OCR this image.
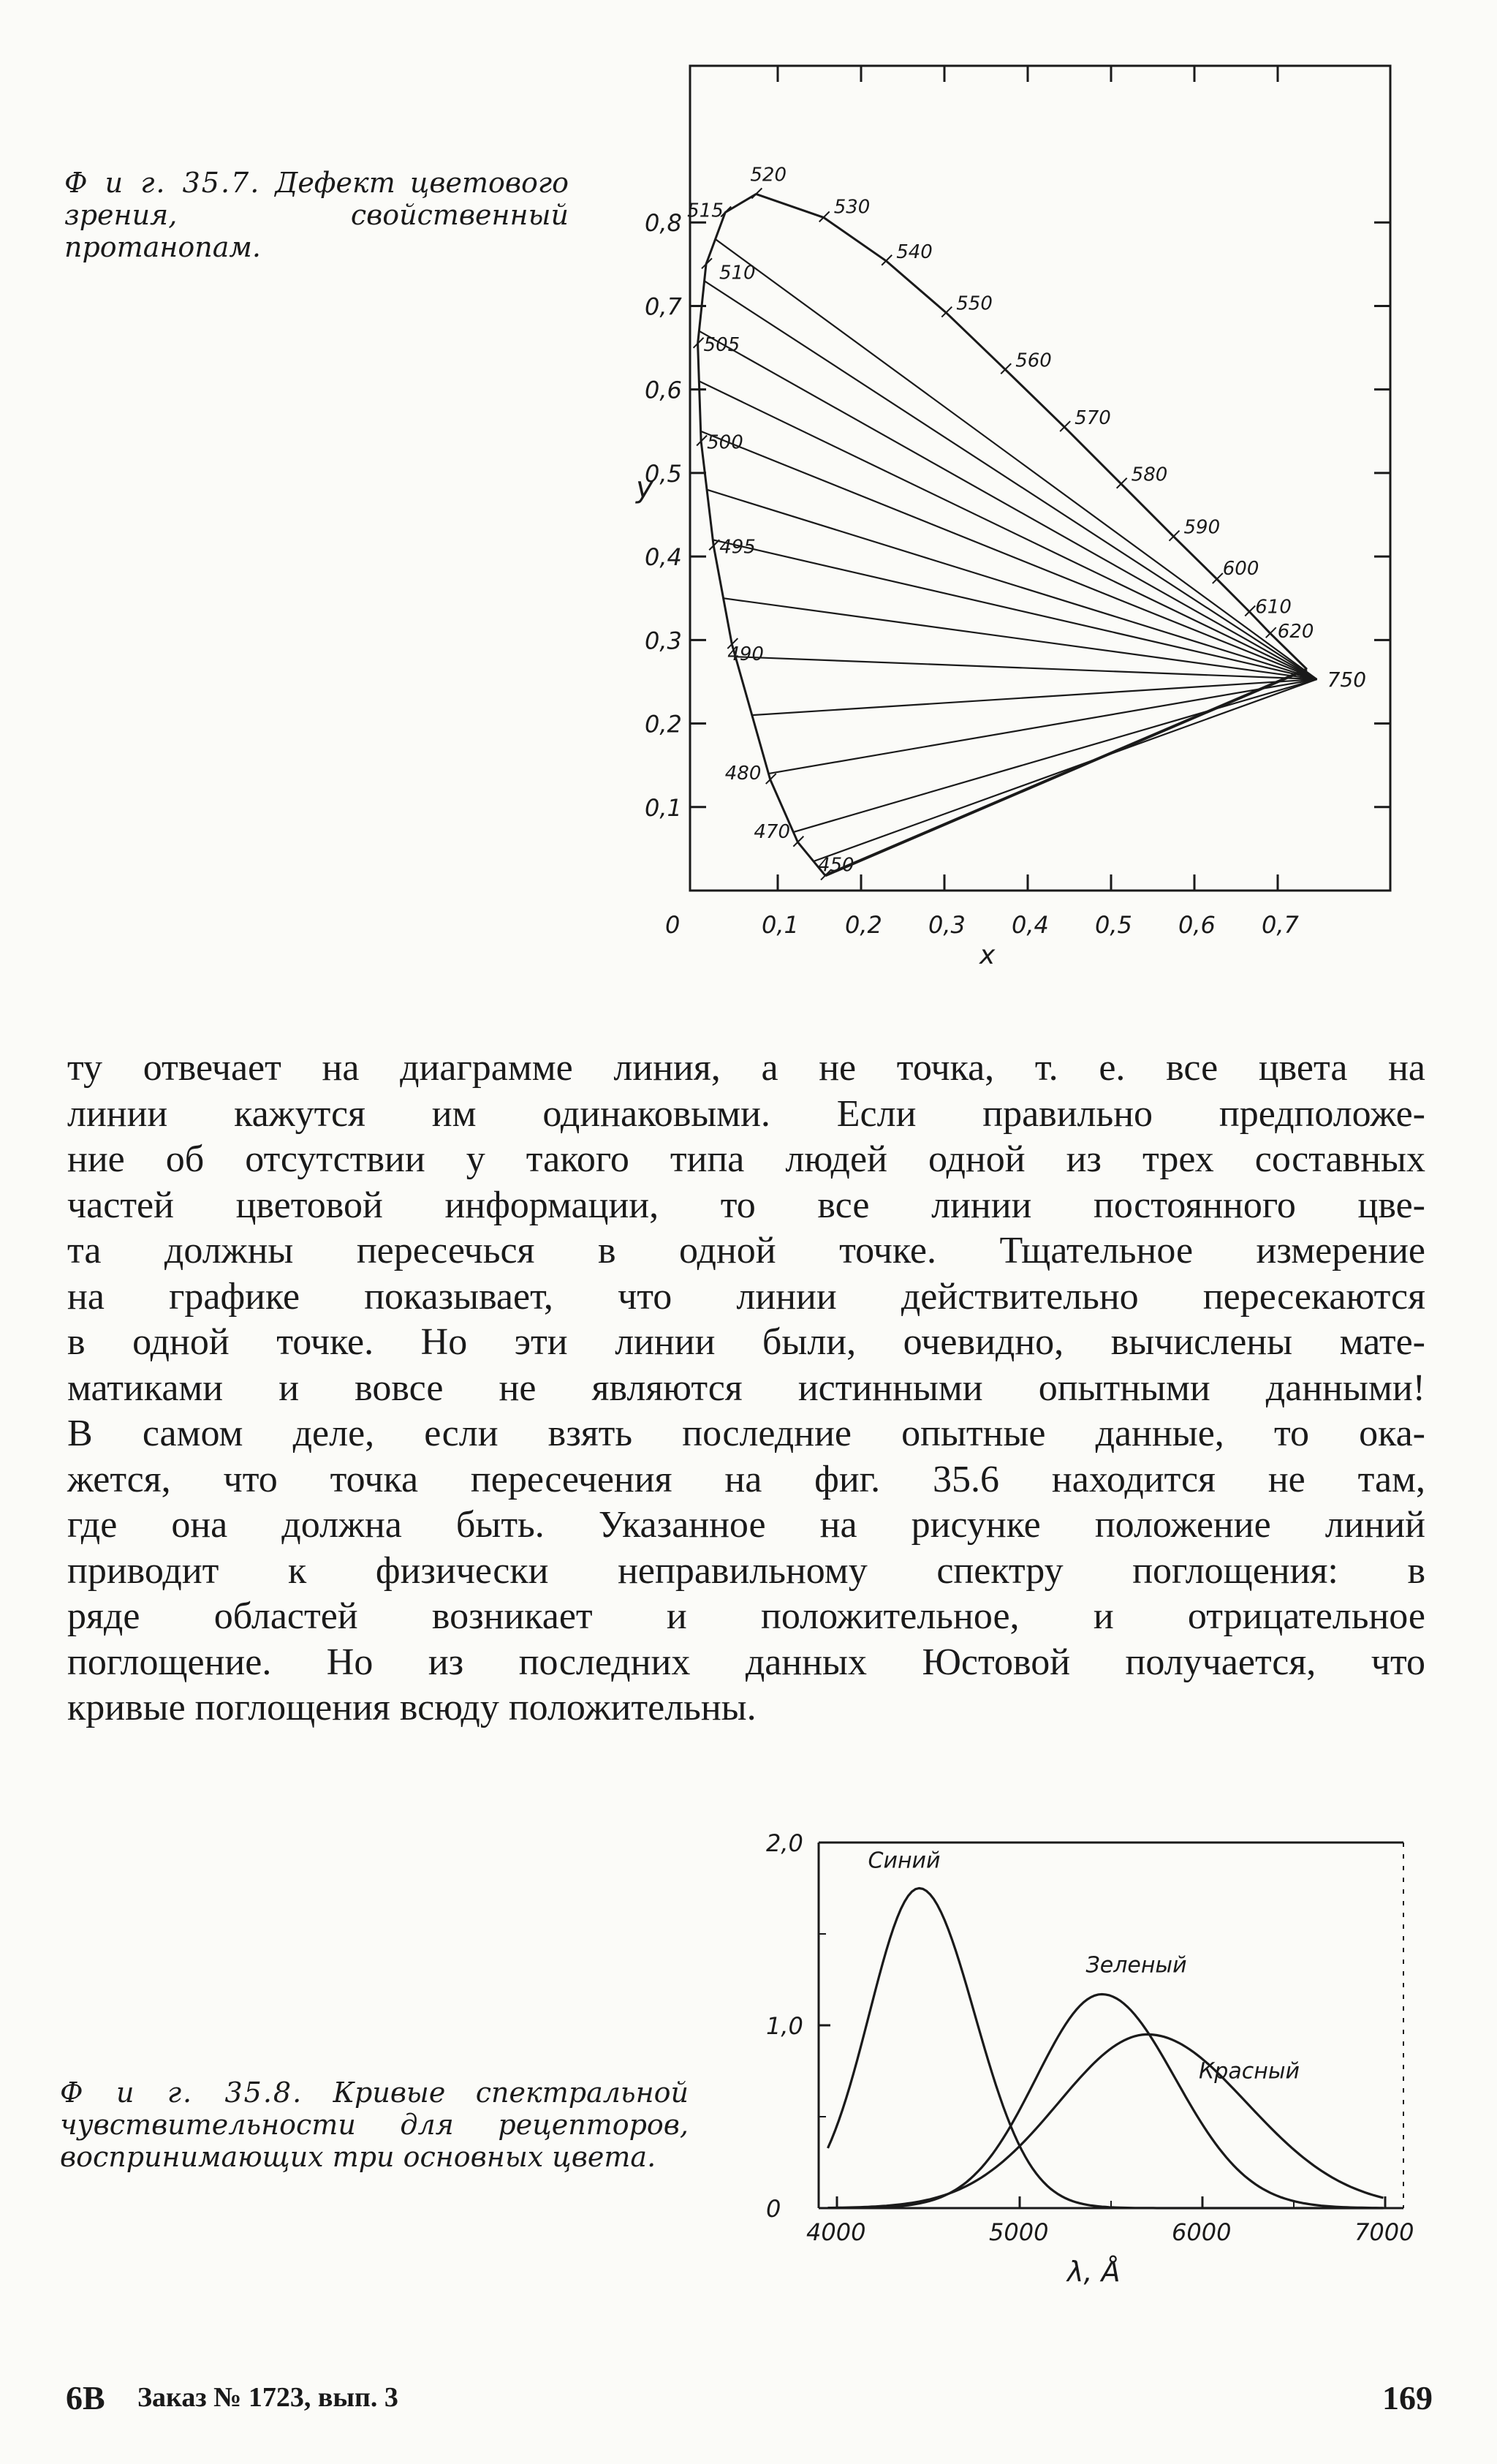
Ф и г. 35.7. Дефект цветового зрения, свойственный протанопам.
0,1 0,2 0,3 0,4 0,5 0,6 0,7
0,1
0,2
0,3
0,4
0,5
0,6
0,7
0,8
0
x
y
450
470
480
490
495
500
505
510
515
520
530
540
550
560
570
580
590
600
610
620
750

ту отвечает на диаграмме линия, а не точка, т. е. все цвета на

линии кажутся им одинаковыми. Если правильно предположе-

ние об отсутствии у такого типа людей одной из трех составных

частей цветовой информации, то все линии постоянного цве-

та должны пересечься в одной точке. Тщательное измерение

на графике показывает, что линии действительно пересекаются

в одной точке. Но эти линии были, очевидно, вычислены мате-

матиками и вовсе не являются истинными опытными данными!

В самом деле, если взять последние опытные данные, то ока-

жется, что точка пересечения на фиг. 35.6 находится не там,

где она должна быть. Указанное на рисунке положение линий

приводит к физически неправильному спектру поглощения: в

ряде областей возникает и положительное, и отрицательное

поглощение. Но из последних данных Юстовой получается, что

кривые поглощения всюду положительны.

Ф и г. 35.8. Кривые спектральной чувствительности для рецепторов, воспринимающих три основных цвета.
4000	5000	6000	7000
0
1,0
2,0
λ, Å
Синий
Зеленый
Красный
6В Заказ № 1723, вып. 3	169
